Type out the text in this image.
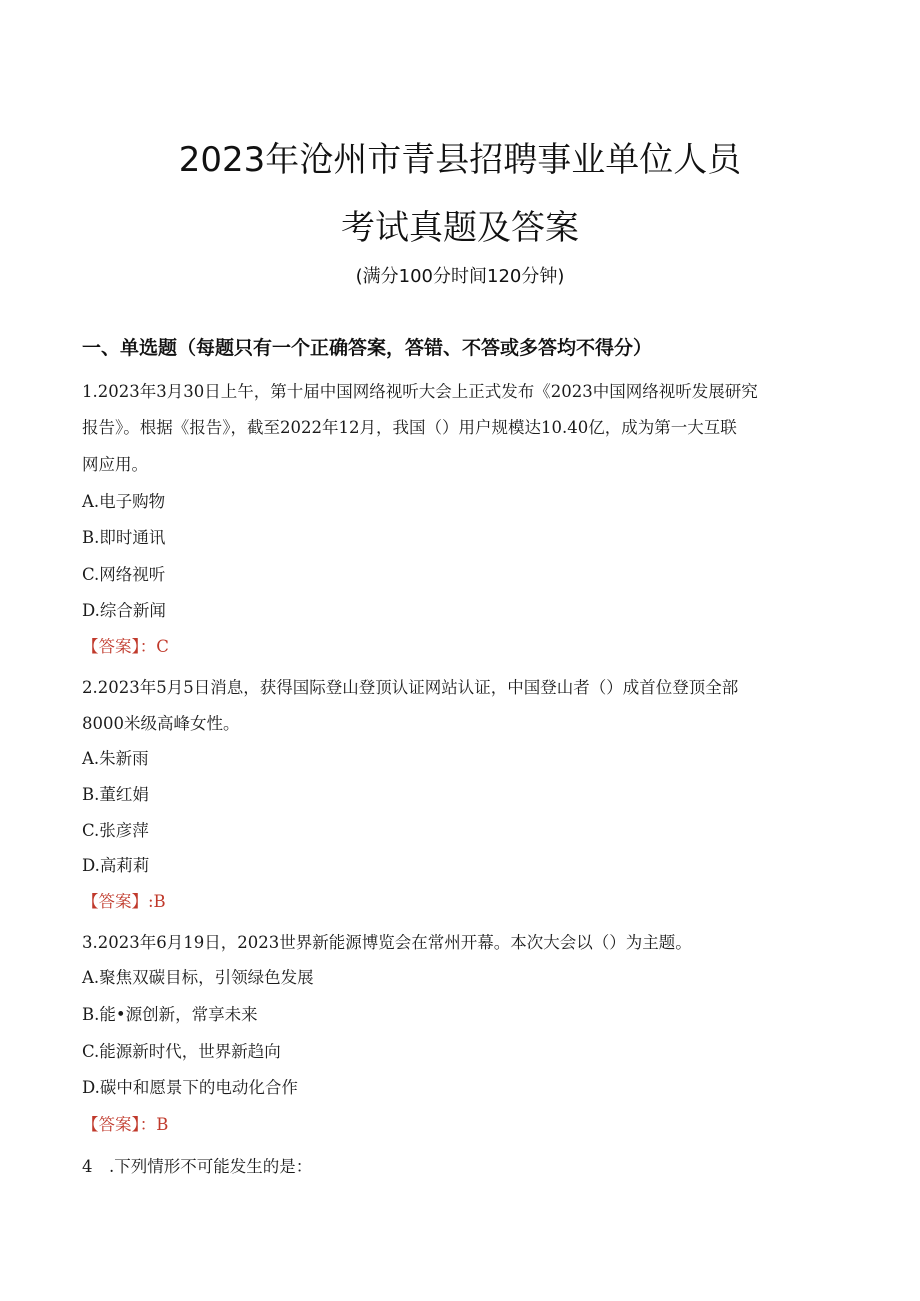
2023年沧州市青县招聘事业单位人员
考试真题及答案
(满分100分时间120分钟)
一、单选题（每题只有一个正确答案，答错、不答或多答均不得分）
1.2023年3月30日上午，第十届中国网络视听大会上正式发布《2023中国网络视听发展研究
报告》。根据《报告》，截至2022年12月，我国（）用户规模达10.40亿，成为第一大互联
网应用。
A.电子购物
B.即时通讯
C.网络视听
D.综合新闻
【答案】：C
2.2023年5月5日消息，获得国际登山登顶认证网站认证，中国登山者（）成首位登顶全部
8000米级高峰女性。
A.朱新雨
B.董红娟
C.张彦萍
D.高莉莉
【答案】:B
3.2023年6月19日，2023世界新能源博览会在常州开幕。本次大会以（）为主题。
A.聚焦双碳目标，引领绿色发展
B.能•源创新，常享未来
C.能源新时代，世界新趋向
D.碳中和愿景下的电动化合作
【答案】：B
4　.下列情形不可能发生的是：
